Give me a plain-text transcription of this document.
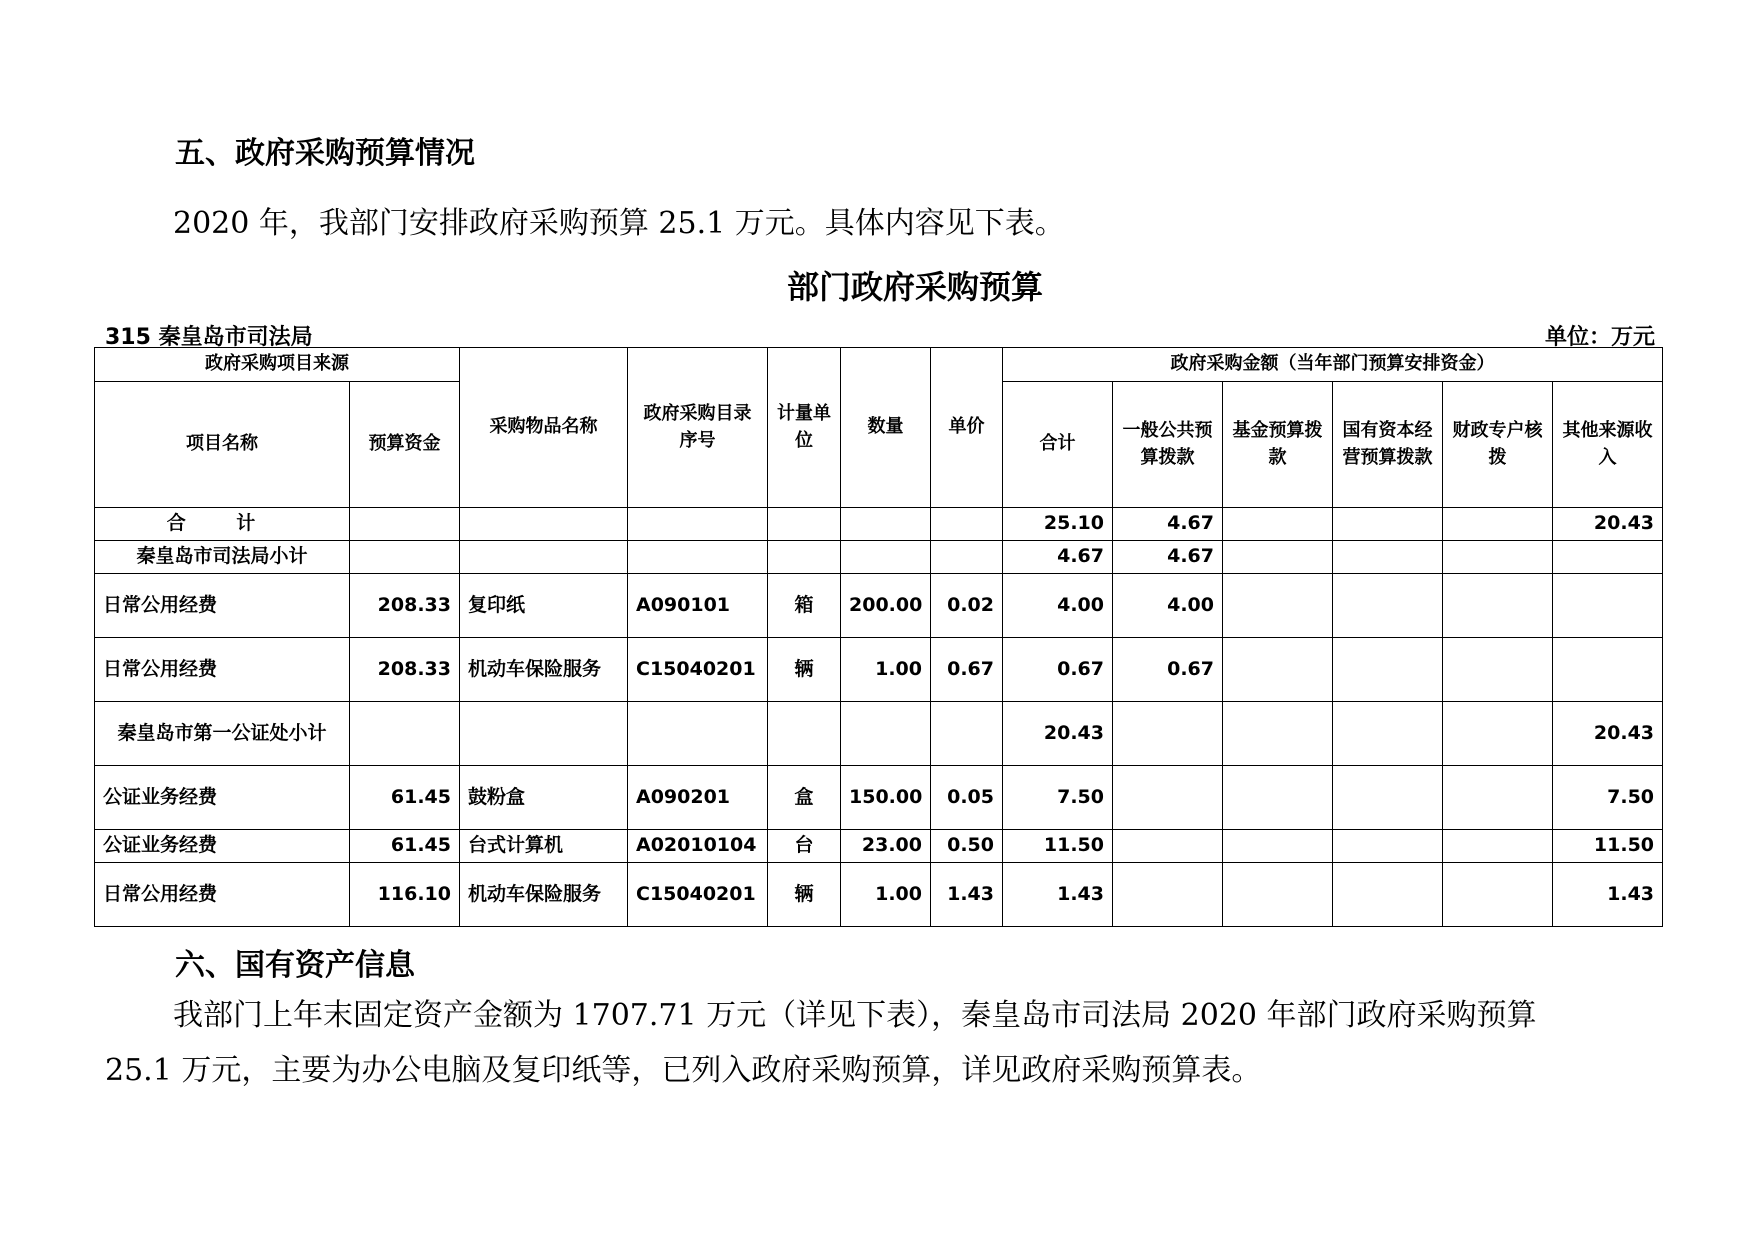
五、政府采购预算情况
2020 年，我部门安排政府采购预算 25.1 万元。具体内容见下表。
部门政府采购预算
315 秦皇岛市司法局	单位：万元
政府采购项目来源		采购物品名称	政府采购目录序号	计量单位	数量	单价	政府采购金额（当年部门预算安排资金）					
项目名称	预算资金						合计	一般公共预算拨款	基金预算拨款	国有资本经营预算拨款	财政专户核拨	其他来源收入
合 计							25.10	4.67				20.43
秦皇岛市司法局小计							4.67	4.67				
日常公用经费	208.33	复印纸	A090101	箱	200.00	0.02	4.00	4.00				
日常公用经费	208.33	机动车保险服务	C15040201	辆	1.00	0.67	0.67	0.67				
秦皇岛市第一公证处小计							20.43					20.43
公证业务经费	61.45	鼓粉盒	A090201	盒	150.00	0.05	7.50					7.50
公证业务经费	61.45	台式计算机	A02010104	台	23.00	0.50	11.50					11.50
日常公用经费	116.10	机动车保险服务	C15040201	辆	1.00	1.43	1.43					1.43
六、国有资产信息
我部门上年末固定资产金额为 1707.71 万元（详见下表），秦皇岛市司法局 2020 年部门政府采购预算
25.1 万元，主要为办公电脑及复印纸等，已列入政府采购预算，详见政府采购预算表。
